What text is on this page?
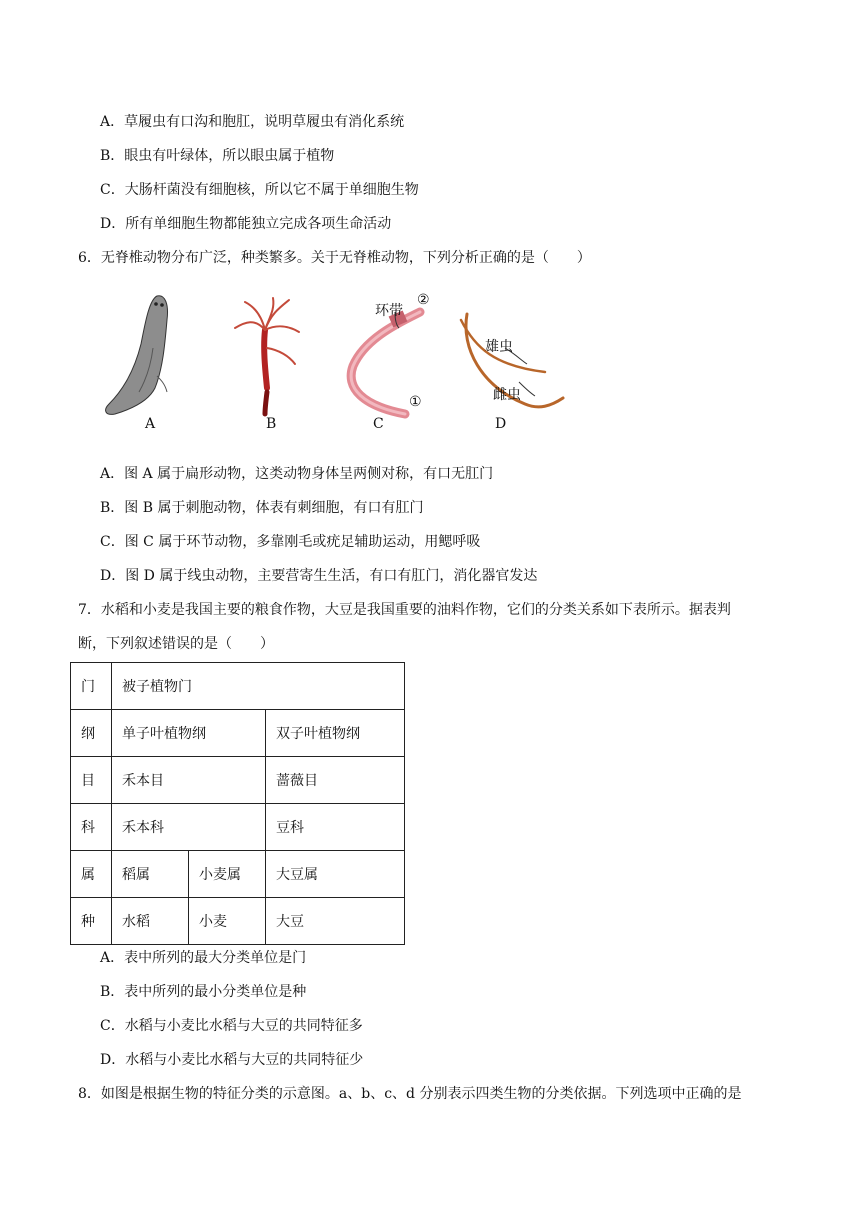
A．草履虫有口沟和胞肛，说明草履虫有消化系统
B．眼虫有叶绿体，所以眼虫属于植物
C．大肠杆菌没有细胞核，所以它不属于单细胞生物
D．所有单细胞生物都能独立完成各项生命活动
6．无脊椎动物分布广泛，种类繁多。关于无脊椎动物，下列分析正确的是（　　）
环带
②
①
雄虫
雌虫
A	B	C	D
A．图 A 属于扁形动物，这类动物身体呈两侧对称，有口无肛门
B．图 B 属于刺胞动物，体表有刺细胞，有口有肛门
C．图 C 属于环节动物，多靠刚毛或疣足辅助运动，用鳃呼吸
D．图 D 属于线虫动物，主要营寄生生活，有口有肛门，消化器官发达
7．水稻和小麦是我国主要的粮食作物，大豆是我国重要的油料作物，它们的分类关系如下表所示。据表判
断，下列叙述错误的是（　　）
门	被子植物门		
纲	单子叶植物纲		双子叶植物纲
目	禾本目		蔷薇目
科	禾本科		豆科
属	稻属	小麦属	大豆属
种	水稻	小麦	大豆
A．表中所列的最大分类单位是门
B．表中所列的最小分类单位是种
C．水稻与小麦比水稻与大豆的共同特征多
D．水稻与小麦比水稻与大豆的共同特征少
8．如图是根据生物的特征分类的示意图。a、b、c、d 分别表示四类生物的分类依据。下列选项中正确的是
